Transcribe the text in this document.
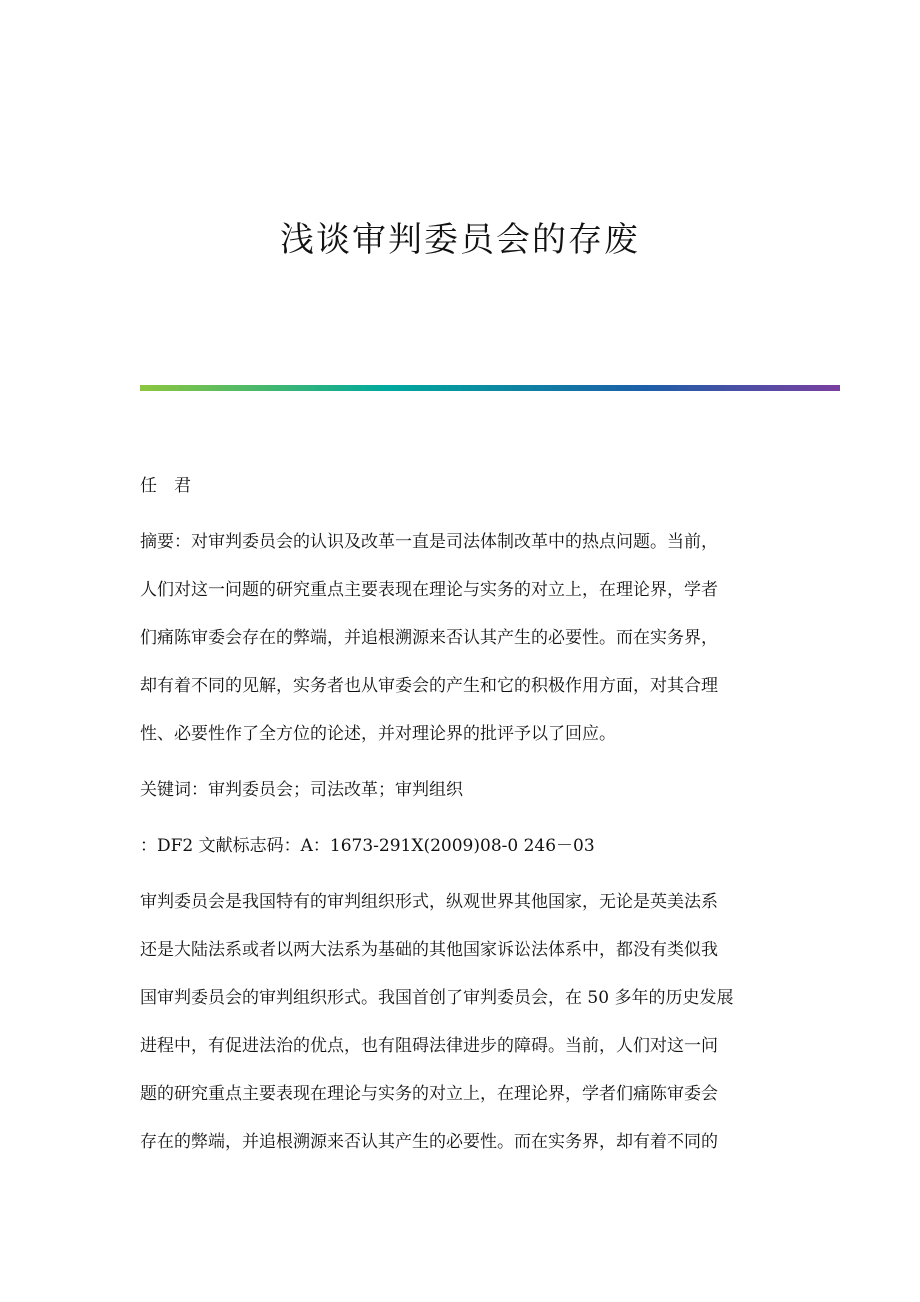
浅谈审判委员会的存废

任　君

摘要：对审判委员会的认识及改革一直是司法体制改革中的热点问题。当前，

人们对这一问题的研究重点主要表现在理论与实务的对立上，在理论界，学者

们痛陈审委会存在的弊端，并追根溯源来否认其产生的必要性。而在实务界，

却有着不同的见解，实务者也从审委会的产生和它的积极作用方面，对其合理

性、必要性作了全方位的论述，并对理论界的批评予以了回应。

关键词：审判委员会；司法改革；审判组织

：DF2 文献标志码：A：1673-291X(2009)08-0 246－03

审判委员会是我国特有的审判组织形式，纵观世界其他国家，无论是英美法系

还是大陆法系或者以两大法系为基础的其他国家诉讼法体系中，都没有类似我

国审判委员会的审判组织形式。我国首创了审判委员会，在 50 多年的历史发展

进程中，有促进法治的优点，也有阻碍法律进步的障碍。当前，人们对这一问

题的研究重点主要表现在理论与实务的对立上，在理论界，学者们痛陈审委会

存在的弊端，并追根溯源来否认其产生的必要性。而在实务界，却有着不同的
